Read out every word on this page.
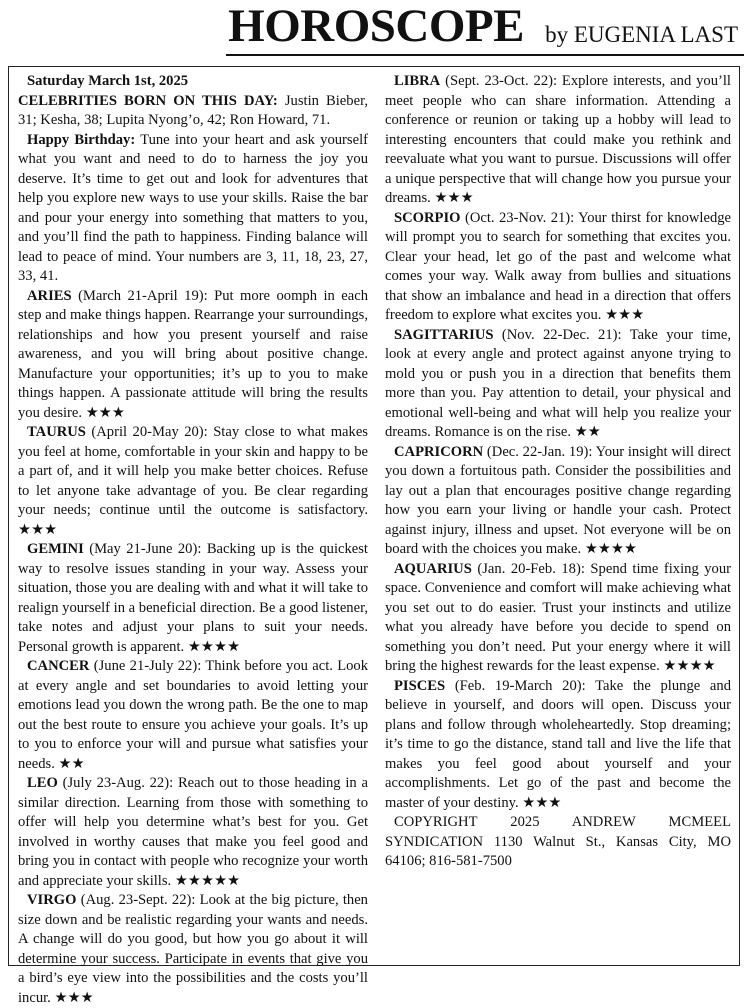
HOROSCOPE by EUGENIA LAST

Saturday March 1st, 2025

CELEBRITIES BORN ON THIS DAY: Justin Bieber, 31; Kesha, 38; Lupita Nyong’o, 42; Ron Howard, 71.

Happy Birthday: Tune into your heart and ask yourself what you want and need to do to harness the joy you deserve. It’s time to get out and look for adventures that help you explore new ways to use your skills. Raise the bar and pour your energy into something that matters to you, and you’ll find the path to happiness. Finding balance will lead to peace of mind. Your numbers are 3, 11, 18, 23, 27, 33, 41.

ARIES (March 21-April 19): Put more oomph in each step and make things happen. Rearrange your surroundings, relationships and how you present yourself and raise awareness, and you will bring about positive change. Manufacture your opportunities; it’s up to you to make things happen. A passionate attitude will bring the results you desire. ★★★

TAURUS (April 20-May 20): Stay close to what makes you feel at home, comfortable in your skin and happy to be a part of, and it will help you make better choices. Refuse to let anyone take advantage of you. Be clear regarding your needs; continue until the outcome is satisfactory. ★★★

GEMINI (May 21-June 20): Backing up is the quickest way to resolve issues standing in your way. Assess your situation, those you are dealing with and what it will take to realign yourself in a beneficial direction. Be a good listener, take notes and adjust your plans to suit your needs. Personal growth is apparent. ★★★★

CANCER (June 21-July 22): Think before you act. Look at every angle and set boundaries to avoid letting your emotions lead you down the wrong path. Be the one to map out the best route to ensure you achieve your goals. It’s up to you to enforce your will and pursue what satisfies your needs. ★★

LEO (July 23-Aug. 22): Reach out to those heading in a similar direction. Learning from those with something to offer will help you determine what’s best for you. Get involved in worthy causes that make you feel good and bring you in contact with people who recognize your worth and appreciate your skills. ★★★★★

VIRGO (Aug. 23-Sept. 22): Look at the big picture, then size down and be realistic regarding your wants and needs. A change will do you good, but how you go about it will determine your success. Participate in events that give you a bird’s eye view into the possibilities and the costs you’ll incur. ★★★

LIBRA (Sept. 23-Oct. 22): Explore interests, and you’ll meet people who can share information. Attending a conference or reunion or taking up a hobby will lead to interesting encounters that could make you rethink and reevaluate what you want to pursue. Discussions will offer a unique perspective that will change how you pursue your dreams. ★★★

SCORPIO (Oct. 23-Nov. 21): Your thirst for knowledge will prompt you to search for something that excites you. Clear your head, let go of the past and welcome what comes your way. Walk away from bullies and situations that show an imbalance and head in a direction that offers freedom to explore what excites you. ★★★

SAGITTARIUS (Nov. 22-Dec. 21): Take your time, look at every angle and protect against anyone trying to mold you or push you in a direction that benefits them more than you. Pay attention to detail, your physical and emotional well-being and what will help you realize your dreams. Romance is on the rise. ★★

CAPRICORN (Dec. 22-Jan. 19): Your insight will direct you down a fortuitous path. Consider the possibilities and lay out a plan that encourages positive change regarding how you earn your living or handle your cash. Protect against injury, illness and upset. Not everyone will be on board with the choices you make. ★★★★

AQUARIUS (Jan. 20-Feb. 18): Spend time fixing your space. Convenience and comfort will make achieving what you set out to do easier. Trust your instincts and utilize what you already have before you decide to spend on something you don’t need. Put your energy where it will bring the highest rewards for the least expense. ★★★★

PISCES (Feb. 19-March 20): Take the plunge and believe in yourself, and doors will open. Discuss your plans and follow through wholeheartedly. Stop dreaming; it’s time to go the distance, stand tall and live the life that makes you feel good about yourself and your accomplishments. Let go of the past and become the master of your destiny. ★★★

COPYRIGHT 2025 ANDREW MCMEEL SYNDICATION 1130 Walnut St., Kansas City, MO 64106; 816-581-7500
